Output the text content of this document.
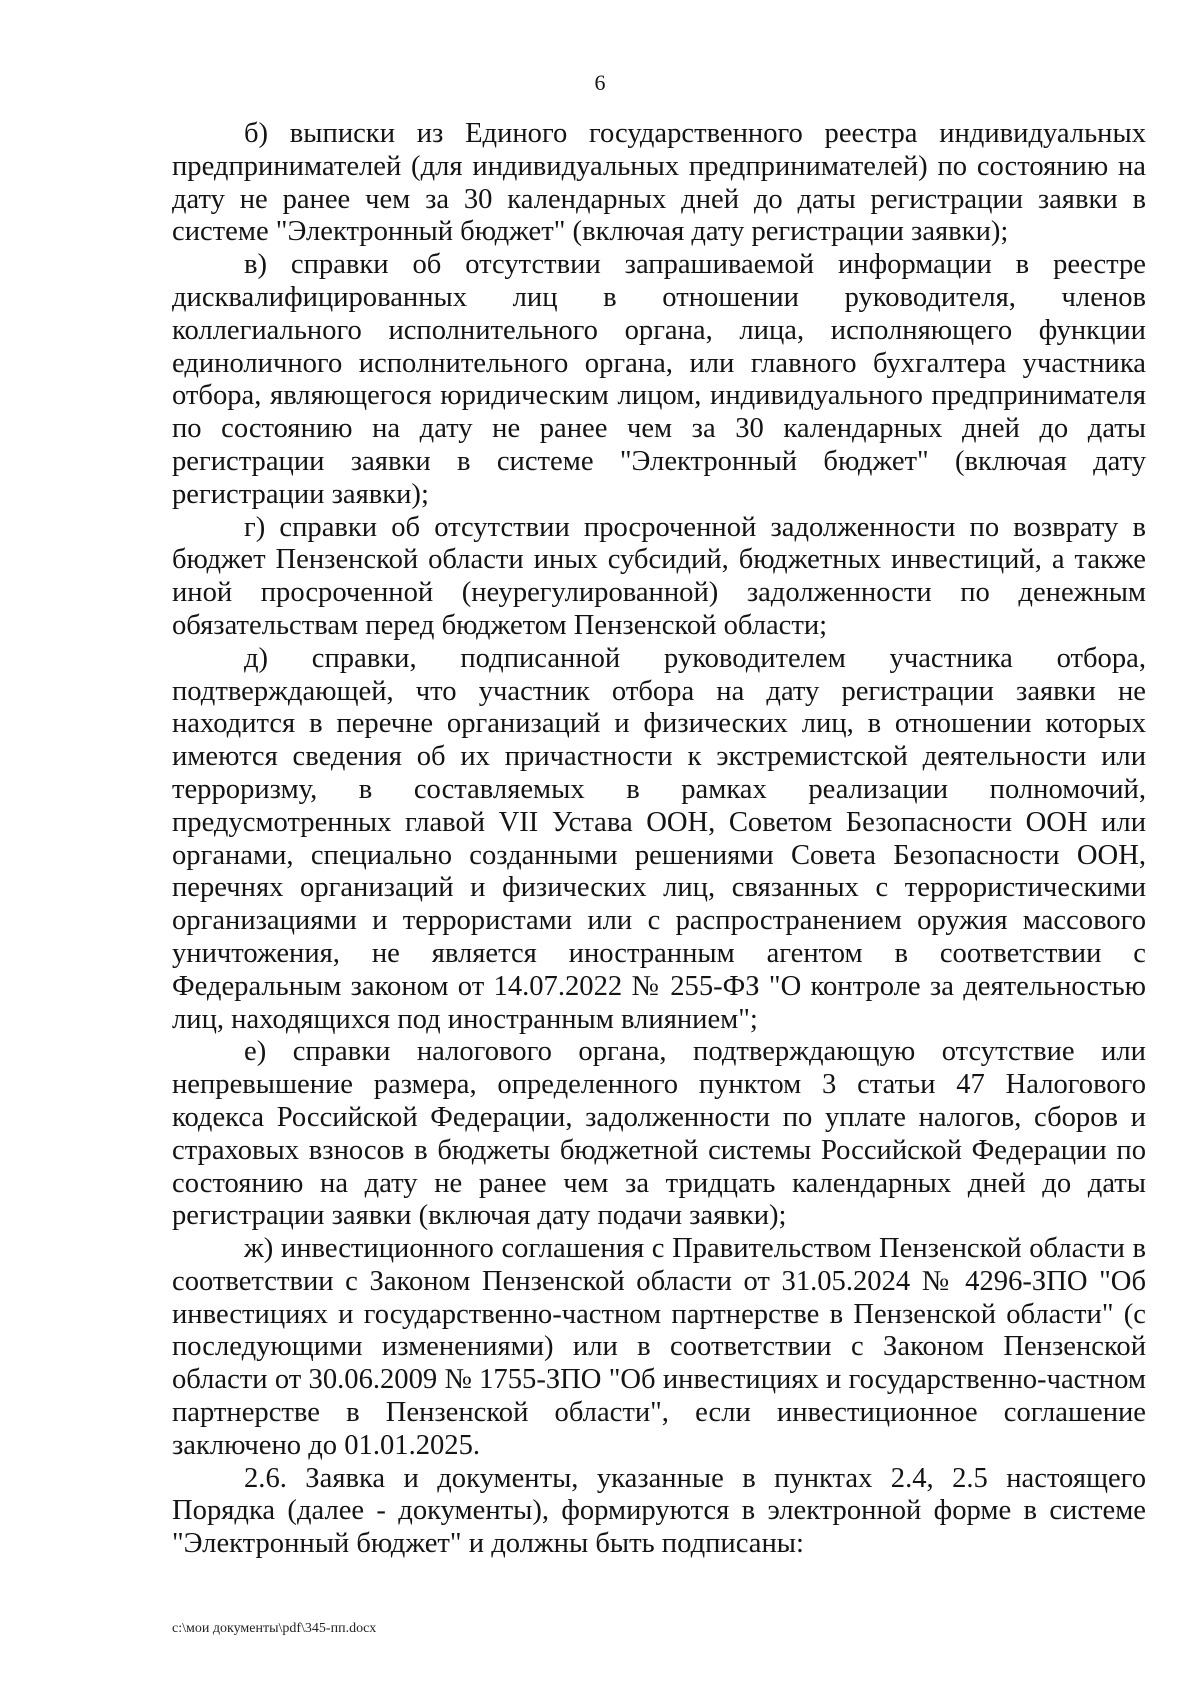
6

б) выписки из Единого государственного реестра индивидуальных предпринимателей (для индивидуальных предпринимателей) по состоянию на дату не ранее чем за 30 календарных дней до даты регистрации заявки в системе "Электронный бюджет" (включая дату регистрации заявки);

в) справки об отсутствии запрашиваемой информации в реестре дисквалифицированных лиц в отношении руководителя, членов коллегиального исполнительного органа, лица, исполняющего функции единоличного исполнительного органа, или главного бухгалтера участника отбора, являющегося юридическим лицом, индивидуального предпринимателя по состоянию на дату не ранее чем за 30 календарных дней до даты регистрации заявки в системе "Электронный бюджет" (включая дату регистрации заявки);

г) справки об отсутствии просроченной задолженности по возврату в бюджет Пензенской области иных субсидий, бюджетных инвестиций, а также иной просроченной (неурегулированной) задолженности по денежным обязательствам перед бюджетом Пензенской области;

д) справки, подписанной руководителем участника отбора, подтверждающей, что участник отбора на дату регистрации заявки не находится в перечне организаций и физических лиц, в отношении которых имеются сведения об их причастности к экстремистской деятельности или терроризму, в составляемых в рамках реализации полномочий, предусмотренных главой VII Устава ООН, Советом Безопасности ООН или органами, специально созданными решениями Совета Безопасности ООН, перечнях организаций и физических лиц, связанных с террористическими организациями и террористами или с распространением оружия массового уничтожения, не является иностранным агентом в соответствии с Федеральным законом от 14.07.2022 № 255-ФЗ "О контроле за деятельностью лиц, находящихся под иностранным влиянием";

е) справки налогового органа, подтверждающую отсутствие или непревышение размера, определенного пунктом 3 статьи 47 Налогового кодекса Российской Федерации, задолженности по уплате налогов, сборов и страховых взносов в бюджеты бюджетной системы Российской Федерации по состоянию на дату не ранее чем за тридцать календарных дней до даты регистрации заявки (включая дату подачи заявки);

ж) инвестиционного соглашения с Правительством Пензенской области в соответствии с Законом Пензенской области от 31.05.2024 № 4296-ЗПО "Об инвестициях и государственно-частном партнерстве в Пензенской области" (с последующими изменениями) или в соответствии с Законом Пензенской области от 30.06.2009 № 1755-ЗПО "Об инвестициях и государственно-частном партнерстве в Пензенской области", если инвестиционное соглашение заключено до 01.01.2025.

2.6. Заявка и документы, указанные в пунктах 2.4, 2.5 настоящего Порядка (далее - документы), формируются в электронной форме в системе "Электронный бюджет" и должны быть подписаны:

c:\мои документы\pdf\345-пп.docx
